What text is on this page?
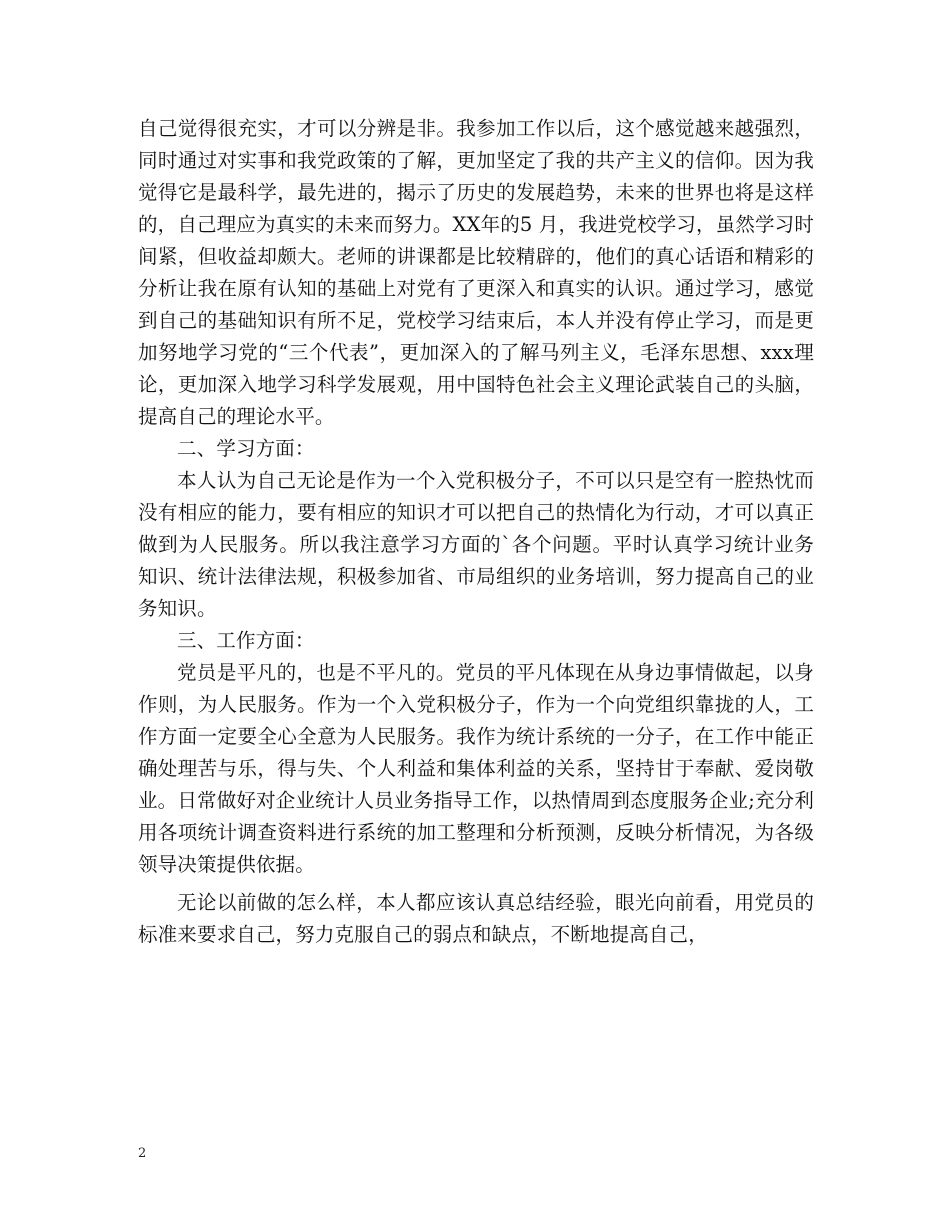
自己觉得很充实，才可以分辨是非。我参加工作以后，这个感觉越来越强烈，同时通过对实事和我党政策的了解，更加坚定了我的共产主义的信仰。因为我觉得它是最科学，最先进的，揭示了历史的发展趋势，未来的世界也将是这样的，自己理应为真实的未来而努力。XX年的5 月，我进党校学习，虽然学习时间紧，但收益却颇大。老师的讲课都是比较精辟的，他们的真心话语和精彩的分析让我在原有认知的基础上对党有了更深入和真实的认识。通过学习，感觉到自己的基础知识有所不足，党校学习结束后，本人并没有停止学习，而是更加努地学习党的“三个代表”，更加深入的了解马列主义，毛泽东思想、xxx理论，更加深入地学习科学发展观，用中国特色社会主义理论武装自己的头脑，提高自己的理论水平。

二、学习方面：

本人认为自己无论是作为一个入党积极分子，不可以只是空有一腔热忱而没有相应的能力，要有相应的知识才可以把自己的热情化为行动，才可以真正做到为人民服务。所以我注意学习方面的`各个问题。平时认真学习统计业务知识、统计法律法规，积极参加省、市局组织的业务培训，努力提高自己的业务知识。

三、工作方面：

党员是平凡的，也是不平凡的。党员的平凡体现在从身边事情做起，以身作则，为人民服务。作为一个入党积极分子，作为一个向党组织靠拢的人，工作方面一定要全心全意为人民服务。我作为统计系统的一分子，在工作中能正确处理苦与乐，得与失、个人利益和集体利益的关系，坚持甘于奉献、爱岗敬业。日常做好对企业统计人员业务指导工作，以热情周到态度服务企业;充分利用各项统计调查资料进行系统的加工整理和分析预测，反映分析情况，为各级领导决策提供依据。

无论以前做的怎么样，本人都应该认真总结经验，眼光向前看，用党员的标准来要求自己，努力克服自己的弱点和缺点，不断地提高自己，

2
